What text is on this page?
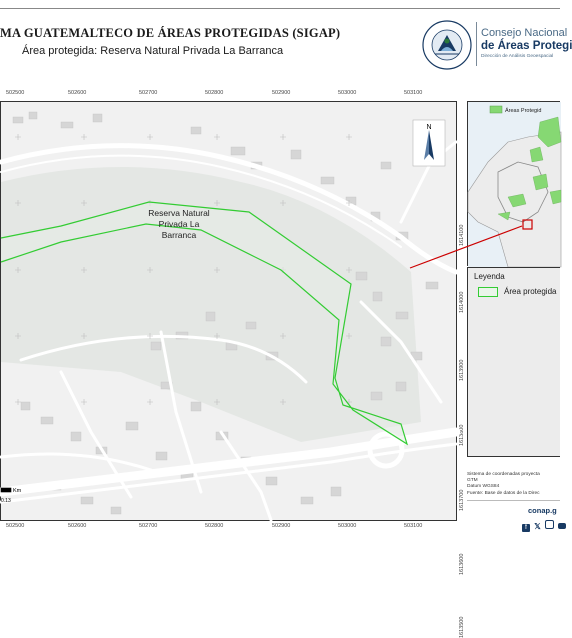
MA GUATEMALTECO DE ÁREAS PROTEGIDAS (SIGAP)
Área protegida: Reserva Natural Privada La Barranca
Consejo Nacional
de Áreas Protegi
Dirección de Análisis Geoespacial
502500	502600	502700	502800	502900	503000	503100
502500	502600	502700	502800	502900	503000	503100
1614100
1614000
1613900
1613800
1613700
1613600
1613500
Reserva Natural
Privada La
Barranca
Km
0.13
N
Áreas Protegid
Leyenda
Área protegida
Sistema de coordenadas proyecta
GTM
Datum WGS84
Fuente: Base de datos de la Direc
conap.g
f 𝕏
